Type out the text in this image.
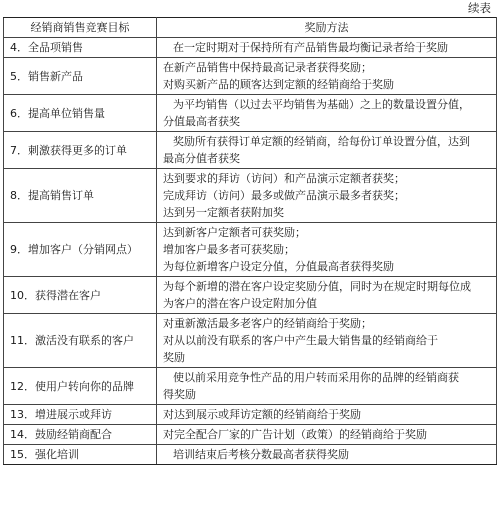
续表
经销商销售竞赛目标	奖励方法
4．全品项销售	在一定时期对于保持所有产品销售最均衡记录者给于奖励

5．销售新产品	在新产品销售中保持最高记录者获得奖励；
对购买新产品的顾客达到定额的经销商给于奖励

6．提高单位销售量	为平均销售（以过去平均销售为基础）之上的数量设置分值，
分值最高者获奖

7．刺激获得更多的订单	奖励所有获得订单定额的经销商，给每份订单设置分值，达到
最高分值者获奖

8．提高销售订单	达到要求的拜访（访问）和产品演示定额者获奖；
完成拜访（访问）最多或做产品演示最多者获奖；
达到另一定额者获附加奖

9．增加客户（分销网点）	达到新客户定额者可获奖励；
增加客户最多者可获奖励；
为每位新增客户设定分值，分值最高者获得奖励

10．获得潜在客户	为每个新增的潜在客户设定奖励分值，同时为在规定时期每位成
为客户的潜在客户设定附加分值

11．激活没有联系的客户	对重新激活最多老客户的经销商给于奖励；
对从以前没有联系的客户中产生最大销售量的经销商给于
奖励

12．使用户转向你的品牌	使以前采用竞争性产品的用户转而采用你的品牌的经销商获
得奖励

13．增进展示或拜访	对达到展示或拜访定额的经销商给于奖励

14．鼓励经销商配合	对完全配合厂家的广告计划（政策）的经销商给于奖励

15．强化培训	培训结束后考核分数最高者获得奖励
